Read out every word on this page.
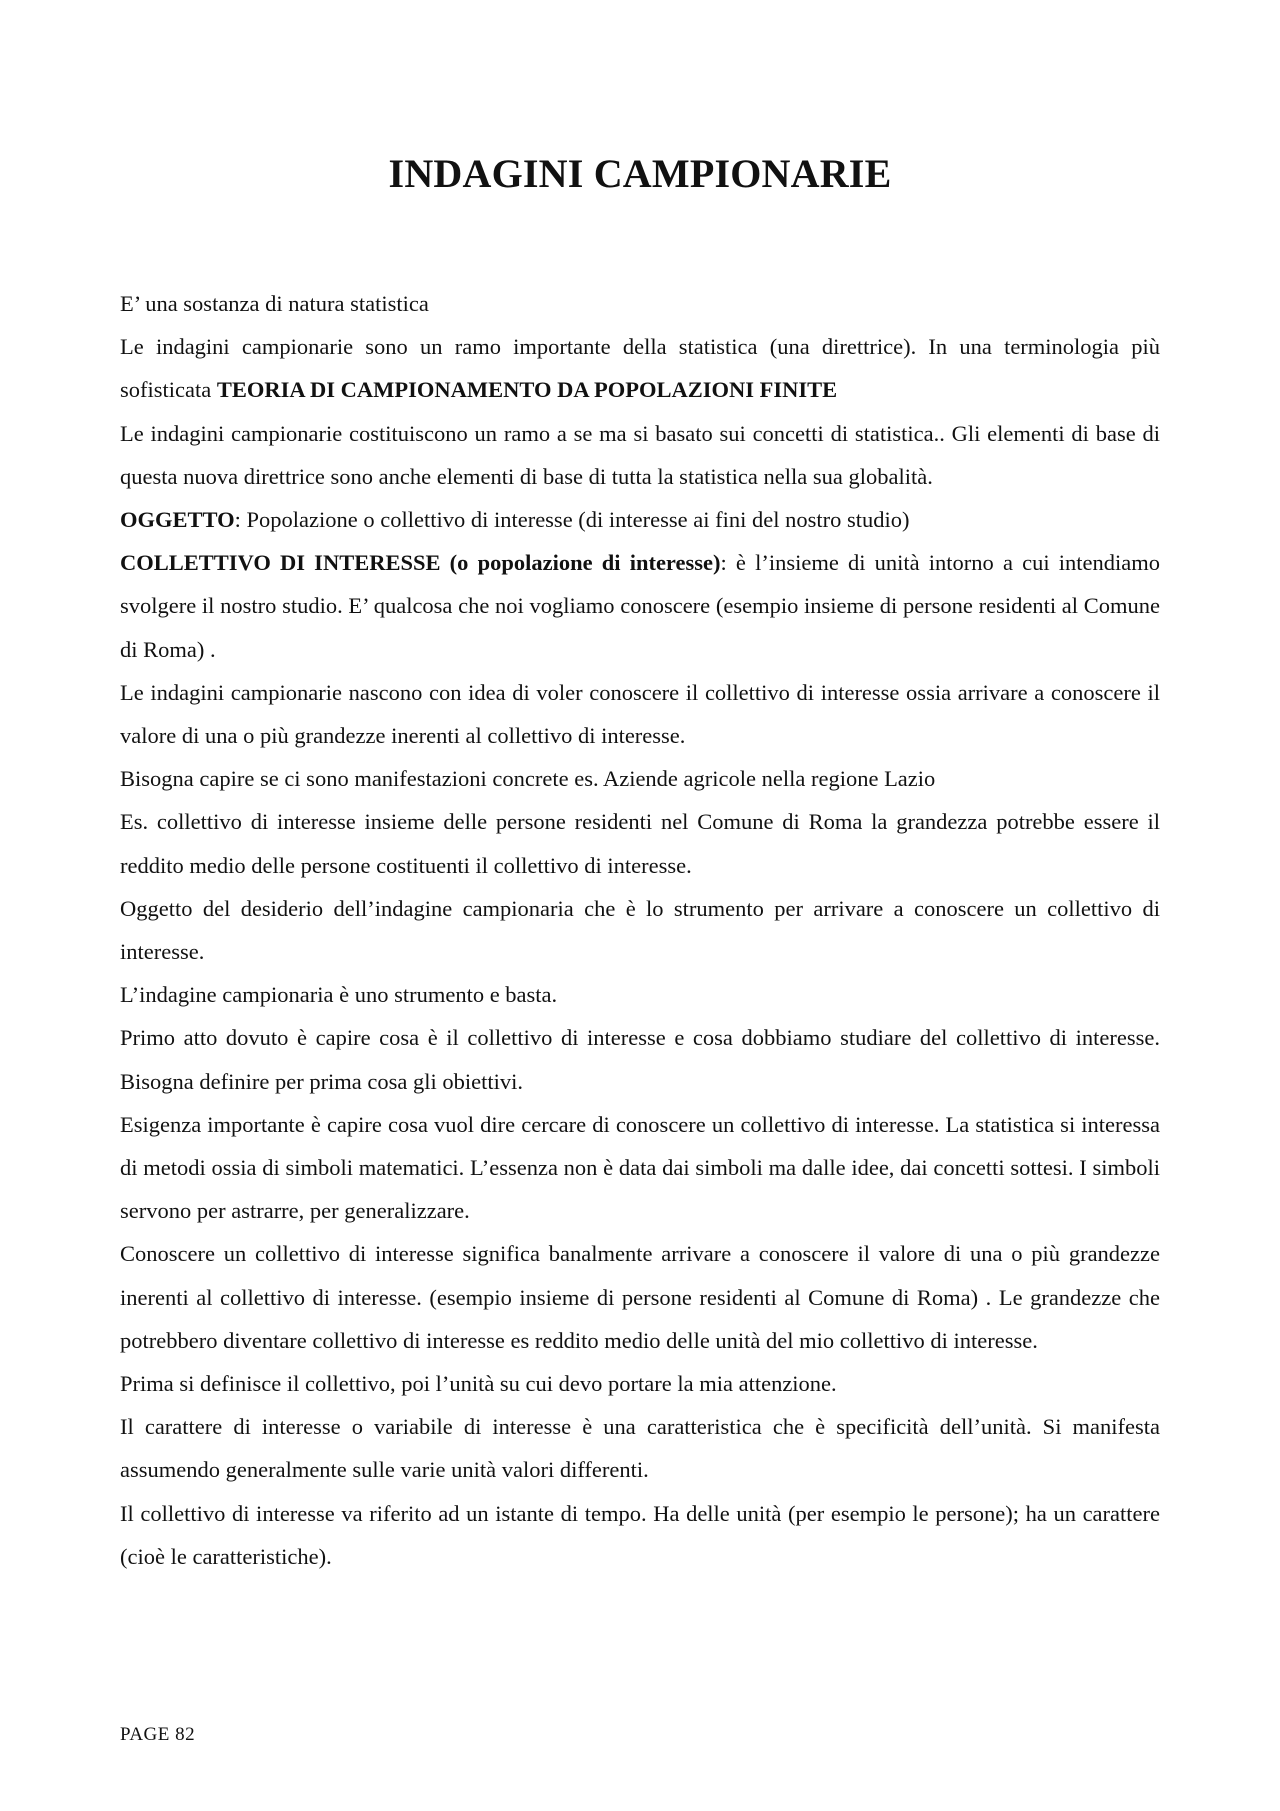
INDAGINI CAMPIONARIE

E’ una sostanza di natura statistica

Le indagini campionarie sono un ramo importante della statistica (una direttrice). In una terminologia più sofisticata TEORIA DI CAMPIONAMENTO DA POPOLAZIONI FINITE

Le indagini campionarie costituiscono un ramo a se ma si basato sui concetti di statistica.. Gli elementi di base di questa nuova direttrice sono anche elementi di base di tutta la statistica nella sua globalità.

OGGETTO: Popolazione o collettivo di interesse (di interesse ai fini del nostro studio)

COLLETTIVO DI INTERESSE (o popolazione di interesse): è l’insieme di unità intorno a cui intendiamo svolgere il nostro studio. E’ qualcosa che noi vogliamo conoscere (esempio insieme di persone residenti al Comune di Roma) .

Le indagini campionarie nascono con idea di voler conoscere il collettivo di interesse ossia arrivare a conoscere il valore di una o più grandezze inerenti al collettivo di interesse.

Bisogna capire se ci sono manifestazioni concrete es. Aziende agricole nella regione Lazio

Es. collettivo di interesse insieme delle persone residenti nel Comune di Roma la grandezza potrebbe essere il reddito medio delle persone costituenti il collettivo di interesse.

Oggetto del desiderio dell’indagine campionaria che è lo strumento per arrivare a conoscere un collettivo di interesse.

L’indagine campionaria è uno strumento e basta.

Primo atto dovuto è capire cosa è il collettivo di interesse e cosa dobbiamo studiare del collettivo di interesse. Bisogna definire per prima cosa gli obiettivi.

Esigenza importante è capire cosa vuol dire cercare di conoscere un collettivo di interesse. La statistica si interessa di metodi ossia di simboli matematici. L’essenza non è data dai simboli ma dalle idee, dai concetti sottesi. I simboli servono per astrarre, per generalizzare.

Conoscere un collettivo di interesse significa banalmente arrivare a conoscere il valore di una o più grandezze inerenti al collettivo di interesse. (esempio insieme di persone residenti al Comune di Roma) . Le grandezze che potrebbero diventare collettivo di interesse es reddito medio delle unità del mio collettivo di interesse.

Prima si definisce il collettivo, poi l’unità su cui devo portare la mia attenzione.

Il carattere di interesse o variabile di interesse è una caratteristica che è specificità dell’unità. Si manifesta assumendo generalmente sulle varie unità valori differenti.

Il collettivo di interesse va riferito ad un istante di tempo. Ha delle unità (per esempio le persone); ha un carattere (cioè le caratteristiche).

PAGE 82
